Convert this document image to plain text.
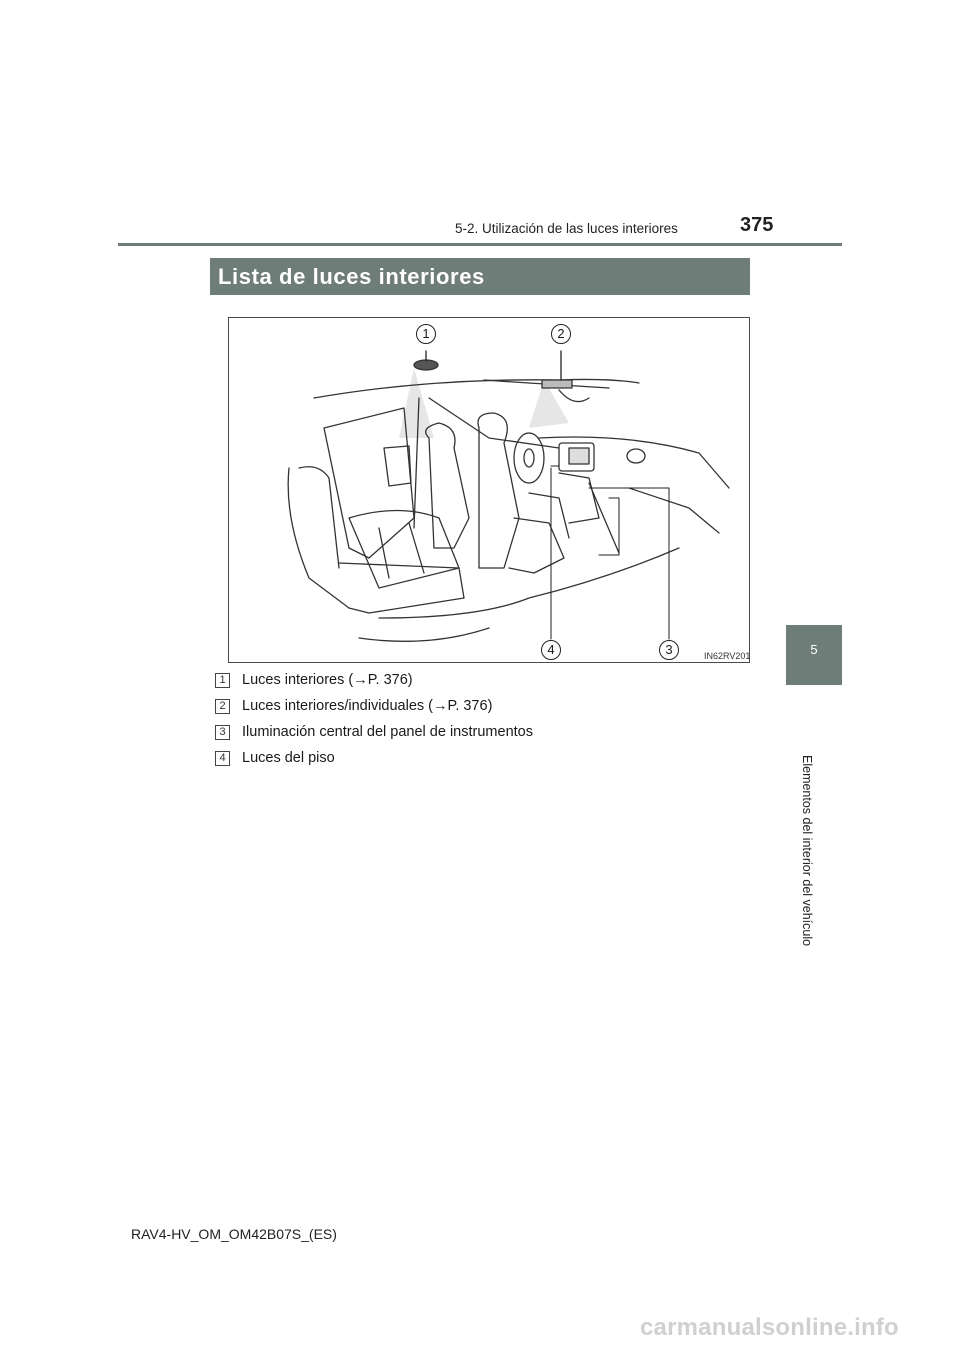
5-2. Utilización de las luces interiores	375
Lista de luces interiores
5
Elementos del interior del vehículo
1	2
3
4	IN62RV201
1	Luces interiores (→P. 376)
2	Luces interiores/individuales (→P. 376)
3	Iluminación central del panel de instrumentos
4	Luces del piso
RAV4-HV_OM_OM42B07S_(ES)
carmanualsonline.info
